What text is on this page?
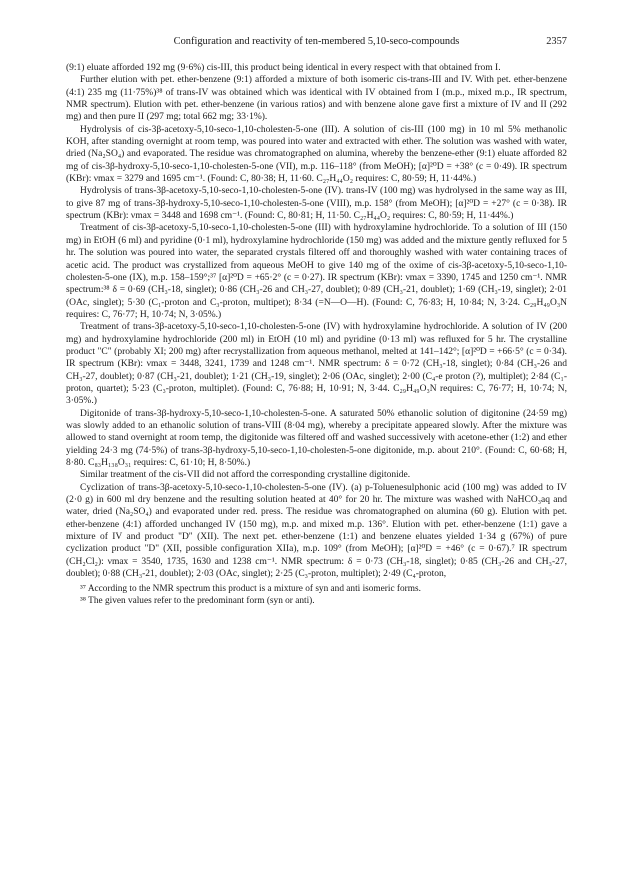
Configuration and reactivity of ten-membered 5,10-seco-compounds	2357

(9:1) eluate afforded 192 mg (9·6%) cis-III, this product being identical in every respect with that obtained from I.

Further elution with pet. ether-benzene (9:1) afforded a mixture of both isomeric cis-trans-III and IV. With pet. ether-benzene (4:1) 235 mg (11·75%)³⁸ of trans-IV was obtained which was identical with IV obtained from I (m.p., mixed m.p., IR spectrum, NMR spectrum). Elution with pet. ether-benzene (in various ratios) and with benzene alone gave first a mixture of IV and II (292 mg) and then pure II (297 mg; total 662 mg; 33·1%).

Hydrolysis of cis-3β-acetoxy-5,10-seco-1,10-cholesten-5-one (III). A solution of cis-III (100 mg) in 10 ml 5% methanolic KOH, after standing overnight at room temp, was poured into water and extracted with ether. The solution was washed with water, dried (Na₂SO₄) and evaporated. The residue was chromatographed on alumina, whereby the benzene-ether (9:1) eluate afforded 82 mg of cis-3β-hydroxy-5,10-seco-1,10-cholesten-5-one (VII), m.p. 116–118° (from MeOH); [α]²⁰D = +38° (c = 0·49). IR spectrum (KBr): νmax = 3279 and 1695 cm⁻¹. (Found: C, 80·38; H, 11·60. C₂₇H₄₄O₂ requires: C, 80·59; H, 11·44%.)

Hydrolysis of trans-3β-acetoxy-5,10-seco-1,10-cholesten-5-one (IV). trans-IV (100 mg) was hydrolysed in the same way as III, to give 87 mg of trans-3β-hydroxy-5,10-seco-1,10-cholesten-5-one (VIII), m.p. 158° (from MeOH); [α]²⁰D = +27° (c = 0·38). IR spectrum (KBr): νmax = 3448 and 1698 cm⁻¹. (Found: C, 80·81; H, 11·50. C₂₇H₄₄O₂ requires: C, 80·59; H, 11·44%.)

Treatment of cis-3β-acetoxy-5,10-seco-1,10-cholesten-5-one (III) with hydroxylamine hydrochloride. To a solution of III (150 mg) in EtOH (6 ml) and pyridine (0·1 ml), hydroxylamine hydrochloride (150 mg) was added and the mixture gently refluxed for 5 hr. The solution was poured into water, the separated crystals filtered off and thoroughly washed with water containing traces of acetic acid. The product was crystallized from aqueous MeOH to give 140 mg of the oxime of cis-3β-acetoxy-5,10-seco-1,10-cholesten-5-one (IX), m.p. 158–159°;³⁷ [α]²⁰D = +65·2° (c = 0·27). IR spectrum (KBr): νmax = 3390, 1745 and 1250 cm⁻¹. NMR spectrum:³⁸ δ = 0·69 (CH₃-18, singlet); 0·86 (CH₃-26 and CH₃-27, doublet); 0·89 (CH₃-21, doublet); 1·69 (CH₃-19, singlet); 2·01 (OAc, singlet); 5·30 (C₁-proton and C₃-proton, multipet); 8·34 (=N—O—H). (Found: C, 76·83; H, 10·84; N, 3·24. C₂₉H₄₉O₃N requires: C, 76·77; H, 10·74; N, 3·05%.)

Treatment of trans-3β-acetoxy-5,10-seco-1,10-cholesten-5-one (IV) with hydroxylamine hydrochloride. A solution of IV (200 mg) and hydroxylamine hydrochloride (200 ml) in EtOH (10 ml) and pyridine (0·13 ml) was refluxed for 5 hr. The crystalline product "C" (probably XI; 200 mg) after recrystallization from aqueous methanol, melted at 141–142°; [α]²⁰D = +66·5° (c = 0·34). IR spectrum (KBr): νmax = 3448, 3241, 1739 and 1248 cm⁻¹. NMR spectrum: δ = 0·72 (CH₃-18, singlet); 0·84 (CH₃-26 and CH₃-27, doublet); 0·87 (CH₃-21, doublet); 1·21 (CH₃-19, singlet); 2·06 (OAc, singlet); 2·00 (C₄-e proton (?), multiplet); 2·84 (C₁-proton, quartet); 5·23 (C₃-proton, multiplet). (Found: C, 76·88; H, 10·91; N, 3·44. C₂₉H₄₉O₃N requires: C, 76·77; H, 10·74; N, 3·05%.)

Digitonide of trans-3β-hydroxy-5,10-seco-1,10-cholesten-5-one. A saturated 50% ethanolic solution of digitonine (24·59 mg) was slowly added to an ethanolic solution of trans-VIII (8·04 mg), whereby a precipitate appeared slowly. After the mixture was allowed to stand overnight at room temp, the digitonide was filtered off and washed successively with acetone-ether (1:2) and ether yielding 24·3 mg (74·5%) of trans-3β-hydroxy-5,10-seco-1,10-cholesten-5-one digitonide, m.p. about 210°. (Found: C, 60·68; H, 8·80. C₈₃H₁₃₈O₃₁ requires: C, 61·10; H, 8·50%.)

Similar treatment of the cis-VII did not afford the corresponding crystalline digitonide.

Cyclization of trans-3β-acetoxy-5,10-seco-1,10-cholesten-5-one (IV). (a) p-Toluenesulphonic acid (100 mg) was added to IV (2·0 g) in 600 ml dry benzene and the resulting solution heated at 40° for 20 hr. The mixture was washed with NaHCO₃aq and water, dried (Na₂SO₄) and evaporated under red. press. The residue was chromatographed on alumina (60 g). Elution with pet. ether-benzene (4:1) afforded unchanged IV (150 mg), m.p. and mixed m.p. 136°. Elution with pet. ether-benzene (1:1) gave a mixture of IV and product "D" (XII). The next pet. ether-benzene (1:1) and benzene eluates yielded 1·34 g (67%) of pure cyclization product "D" (XII, possible configuration XIIa), m.p. 109° (from MeOH); [α]²⁰D = +46° (c = 0·67).⁷ IR spectrum (CH₂Cl₂): νmax = 3540, 1735, 1630 and 1238 cm⁻¹. NMR spectrum: δ = 0·73 (CH₃-18, singlet); 0·85 (CH₃-26 and CH₃-27, doublet); 0·88 (CH₃-21, doublet); 2·03 (OAc, singlet); 2·25 (C₃-proton, multiplet); 2·49 (C₄-proton,

³⁷ According to the NMR spectrum this product is a mixture of syn and anti isomeric forms.

³⁸ The given values refer to the predominant form (syn or anti).
